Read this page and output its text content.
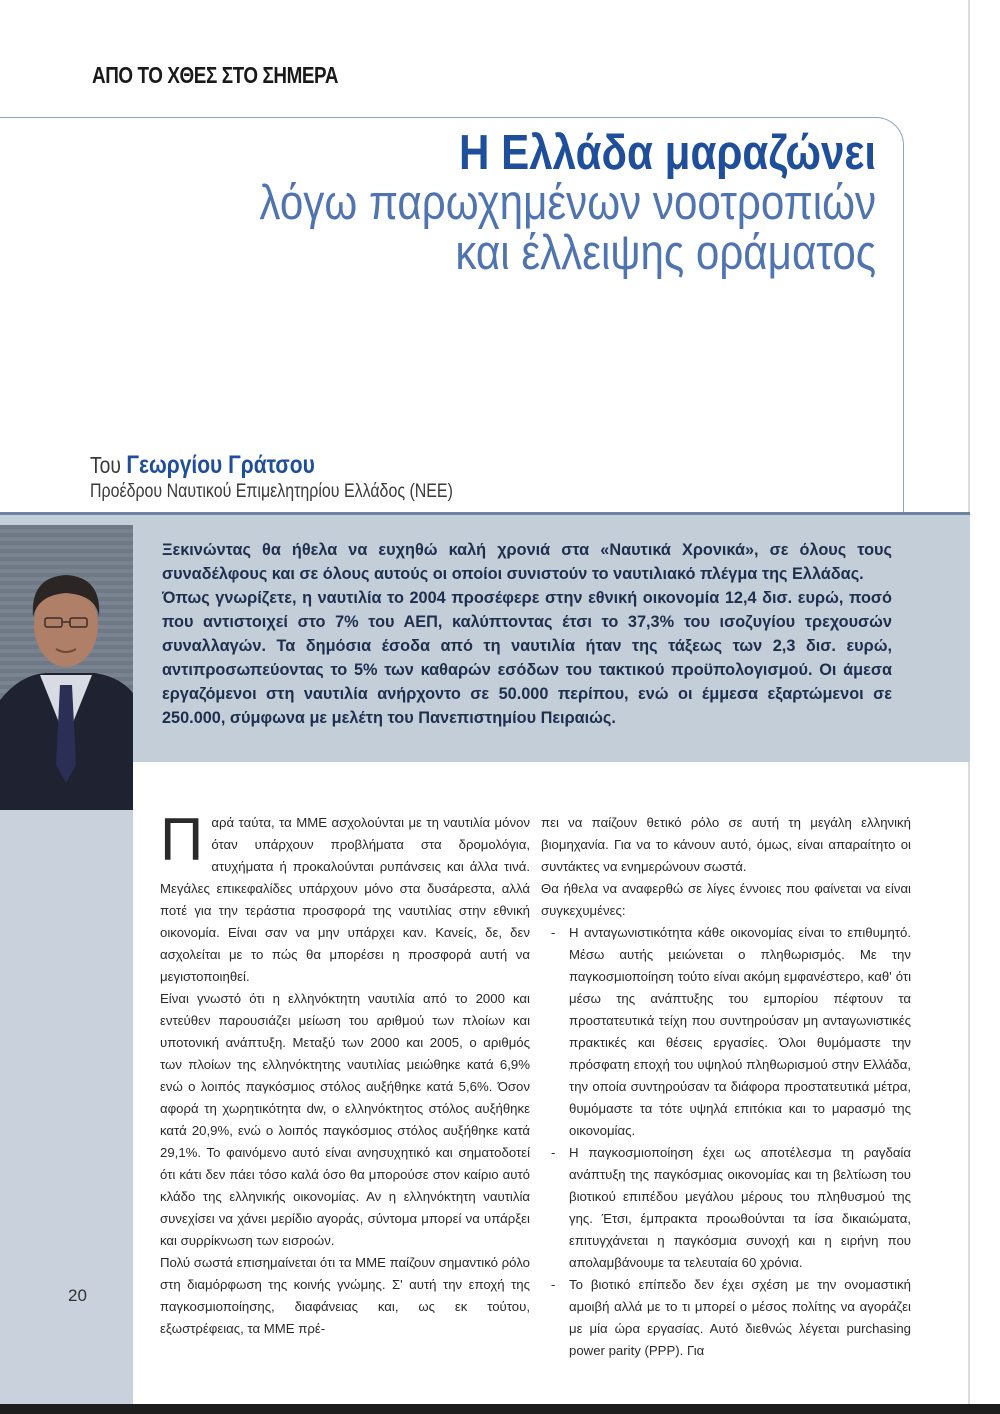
ΑΠΟ ΤΟ ΧΘΕΣ ΣΤΟ ΣΗΜΕΡΑ

Η Ελλάδα μαραζώνει

λόγω παρωχημένων νοοτροπιών

και έλλειψης οράματος

Του Γεωργίου Γράτσου

Προέδρου Ναυτικού Επιμελητηρίου Ελλάδος (ΝΕΕ)

Ξεκινώντας θα ήθελα να ευχηθώ καλή χρονιά στα «Ναυτικά Χρονικά», σε όλους τους συναδέλφους και σε όλους αυτούς οι οποίοι συνιστούν το ναυτιλιακό πλέγμα της Ελλάδας.
Όπως γνωρίζετε, η ναυτιλία το 2004 προσέφερε στην εθνική οικονομία 12,4 δισ. ευρώ, ποσό που αντιστοιχεί στο 7% του ΑΕΠ, καλύπτοντας έτσι το 37,3% του ισοζυγίου τρεχουσών συναλλαγών. Τα δημόσια έσοδα από τη ναυτιλία ήταν της τάξεως των 2,3 δισ. ευρώ, αντιπροσωπεύοντας το 5% των καθαρών εσόδων του τακτικού προϋπολογισμού. Οι άμεσα εργαζόμενοι στη ναυτιλία ανήρχοντο σε 50.000 περίπου, ενώ οι έμμεσα εξαρτώμενοι σε 250.000, σύμφωνα με μελέτη του Πανεπιστημίου Πειραιώς.

Παρά ταύτα, τα ΜΜΕ ασχολούνται με τη ναυτιλία μόνον όταν υπάρχουν προβλήματα στα δρομολόγια, ατυχήματα ή προκαλούνται ρυπάνσεις και άλλα τινά. Μεγάλες επικεφαλίδες υπάρχουν μόνο στα δυσάρεστα, αλλά ποτέ για την τεράστια προσφορά της ναυτιλίας στην εθνική οικονομία. Είναι σαν να μην υπάρχει καν. Κανείς, δε, δεν ασχολείται με το πώς θα μπορέσει η προσφορά αυτή να μεγιστοποιηθεί.

Είναι γνωστό ότι η ελληνόκτητη ναυτιλία από το 2000 και εντεύθεν παρουσιάζει μείωση του αριθμού των πλοίων και υποτονική ανάπτυξη. Μεταξύ των 2000 και 2005, ο αριθμός των πλοίων της ελληνόκτητης ναυτιλίας μειώθηκε κατά 6,9% ενώ ο λοιπός παγκόσμιος στόλος αυξήθηκε κατά 5,6%. Όσον αφορά τη χωρητικότητα dw, ο ελληνόκτητος στόλος αυξήθηκε κατά 20,9%, ενώ ο λοιπός παγκόσμιος στόλος αυξήθηκε κατά 29,1%. Το φαινόμενο αυτό είναι ανησυχητικό και σηματοδοτεί ότι κάτι δεν πάει τόσο καλά όσο θα μπορούσε στον καίριο αυτό κλάδο της ελληνικής οικονομίας. Αν η ελληνόκτητη ναυτιλία συνεχίσει να χάνει μερίδιο αγοράς, σύντομα μπορεί να υπάρξει και συρρίκνωση των εισροών.

Πολύ σωστά επισημαίνεται ότι τα ΜΜΕ παίζουν σημαντικό ρόλο στη διαμόρφωση της κοινής γνώμης. Σ' αυτή την εποχή της παγκοσμιοποίησης, διαφάνειας και, ως εκ τούτου, εξωστρέφειας, τα ΜΜΕ πρέ-

πει να παίζουν θετικό ρόλο σε αυτή τη μεγάλη ελληνική βιομηχανία. Για να το κάνουν αυτό, όμως, είναι απαραίτητο οι συντάκτες να ενημερώνουν σωστά.

Θα ήθελα να αναφερθώ σε λίγες έννοιες που φαίνεται να είναι συγκεχυμένες:

- Η ανταγωνιστικότητα κάθε οικονομίας είναι το επιθυμητό. Μέσω αυτής μειώνεται ο πληθωρισμός. Με την παγκοσμιοποίηση τούτο είναι ακόμη εμφανέστερο, καθ' ότι μέσω της ανάπτυξης του εμπορίου πέφτουν τα προστατευτικά τείχη που συντηρούσαν μη ανταγωνιστικές πρακτικές και θέσεις εργασίες. Όλοι θυμόμαστε την πρόσφατη εποχή του υψηλού πληθωρισμού στην Ελλάδα, την οποία συντηρούσαν τα διάφορα προστατευτικά μέτρα, θυμόμαστε τα τότε υψηλά επιτόκια και το μαρασμό της οικονομίας.
- Η παγκοσμιοποίηση έχει ως αποτέλεσμα τη ραγδαία ανάπτυξη της παγκόσμιας οικονομίας και τη βελτίωση του βιοτικού επιπέδου μεγάλου μέρους του πληθυσμού της γης. Έτσι, έμπρακτα προωθούνται τα ίσα δικαιώματα, επιτυγχάνεται η παγκόσμια συνοχή και η ειρήνη που απολαμβάνουμε τα τελευταία 60 χρόνια.
- Το βιοτικό επίπεδο δεν έχει σχέση με την ονομαστική αμοιβή αλλά με το τι μπορεί ο μέσος πολίτης να αγοράζει με μία ώρα εργασίας. Αυτό διεθνώς λέγεται purchasing power parity (PPP). Για

20
